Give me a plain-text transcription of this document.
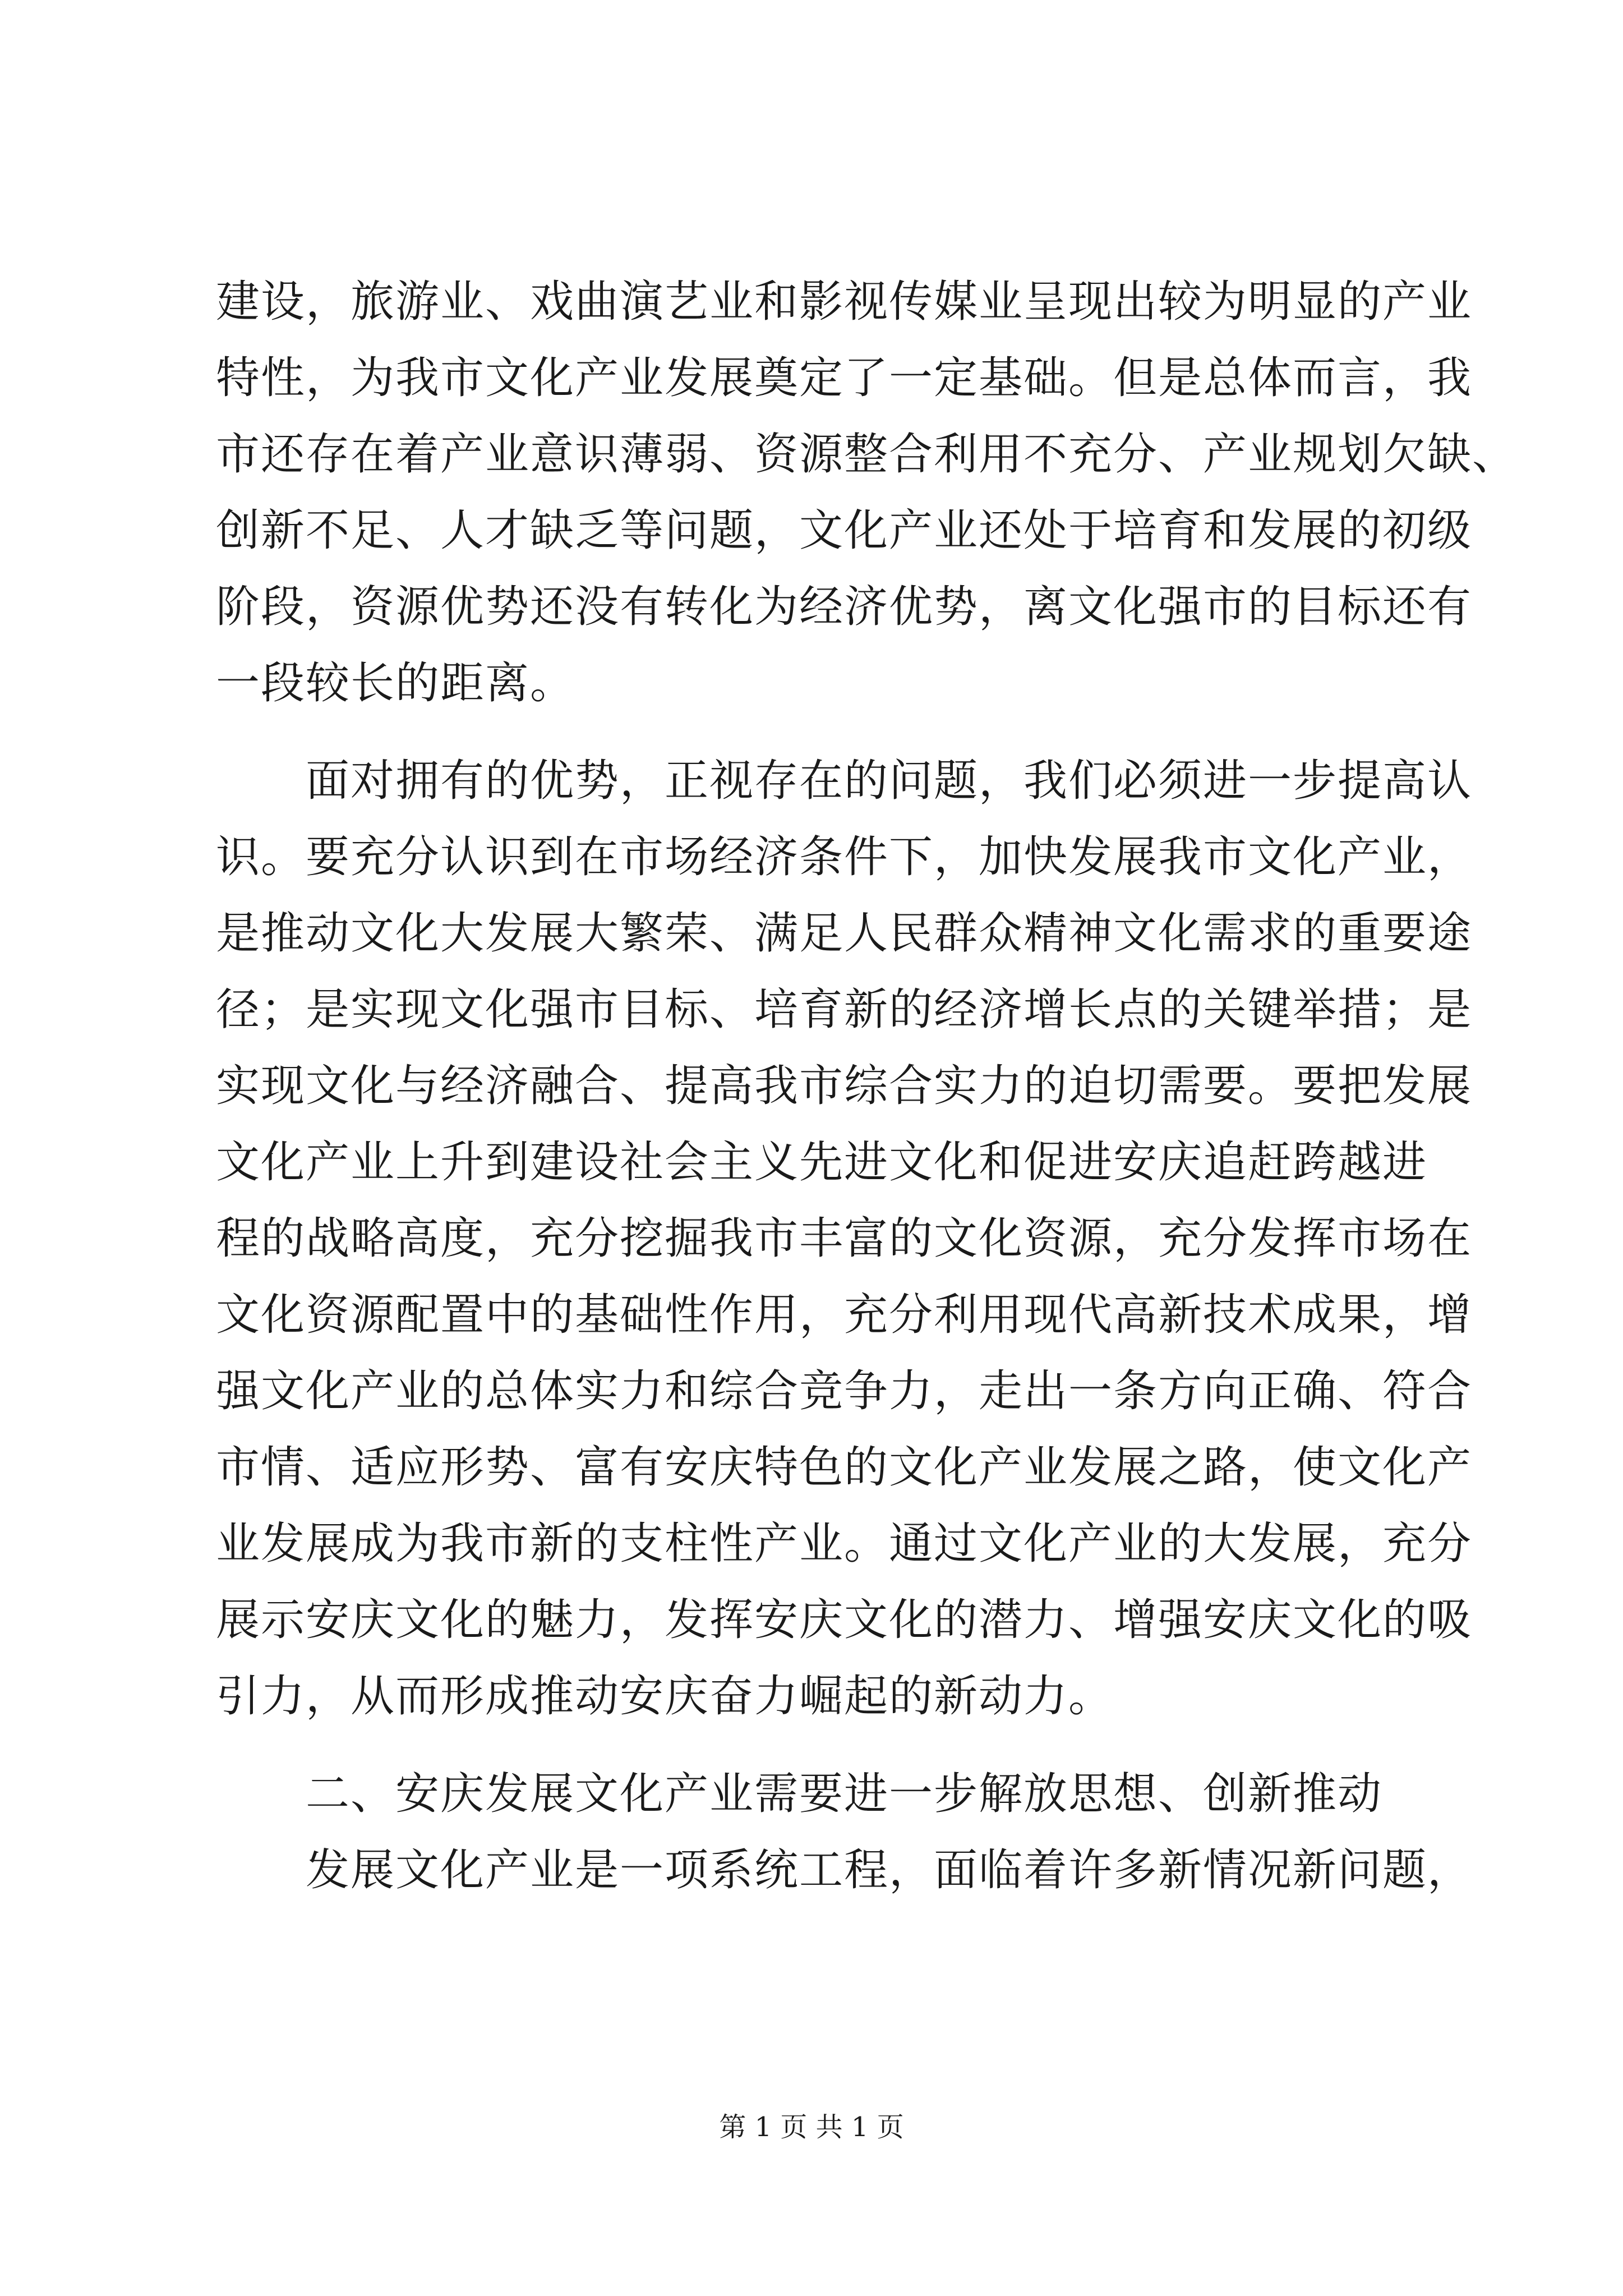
建设，旅游业、戏曲演艺业和影视传媒业呈现出较为明显的产业
特性，为我市文化产业发展奠定了一定基础。但是总体而言，我
市还存在着产业意识薄弱、资源整合利用不充分、产业规划欠缺、
创新不足、人才缺乏等问题，文化产业还处于培育和发展的初级
阶段，资源优势还没有转化为经济优势，离文化强市的目标还有
一段较长的距离。
面对拥有的优势，正视存在的问题，我们必须进一步提高认
识。要充分认识到在市场经济条件下，加快发展我市文化产业，
是推动文化大发展大繁荣、满足人民群众精神文化需求的重要途
径；是实现文化强市目标、培育新的经济增长点的关键举措；是
实现文化与经济融合、提高我市综合实力的迫切需要。要把发展
文化产业上升到建设社会主义先进文化和促进安庆追赶跨越进
程的战略高度，充分挖掘我市丰富的文化资源，充分发挥市场在
文化资源配置中的基础性作用，充分利用现代高新技术成果，增
强文化产业的总体实力和综合竞争力，走出一条方向正确、符合
市情、适应形势、富有安庆特色的文化产业发展之路，使文化产
业发展成为我市新的支柱性产业。通过文化产业的大发展，充分
展示安庆文化的魅力，发挥安庆文化的潜力、增强安庆文化的吸
引力，从而形成推动安庆奋力崛起的新动力。
二、安庆发展文化产业需要进一步解放思想、创新推动
发展文化产业是一项系统工程，面临着许多新情况新问题，
第 1 页 共 1 页
